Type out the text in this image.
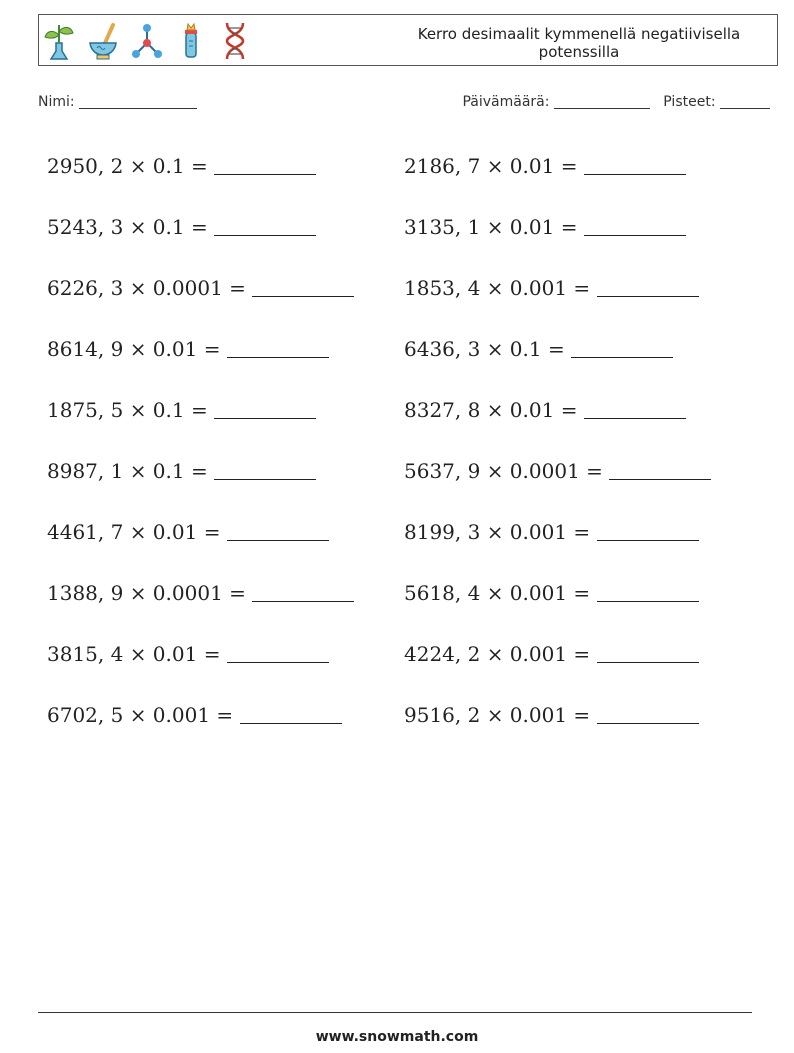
Kerro desimaalit kymmenellä negatiivisella potenssilla
Nimi:	Päivämäärä:	Pisteet:
2950, 2 × 0.1 =	2186, 7 × 0.01 =
5243, 3 × 0.1 =	3135, 1 × 0.01 =
6226, 3 × 0.0001 =	1853, 4 × 0.001 =
8614, 9 × 0.01 =	6436, 3 × 0.1 =
1875, 5 × 0.1 =	8327, 8 × 0.01 =
8987, 1 × 0.1 =	5637, 9 × 0.0001 =
4461, 7 × 0.01 =	8199, 3 × 0.001 =
1388, 9 × 0.0001 =	5618, 4 × 0.001 =
3815, 4 × 0.01 =	4224, 2 × 0.001 =
6702, 5 × 0.001 =	9516, 2 × 0.001 =
www.snowmath.com
